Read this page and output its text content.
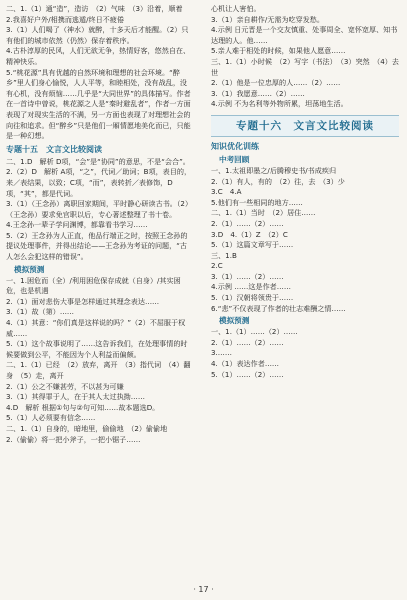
二、1.（1）通“造”，造访　（2）气味　（3）沿着，顺着

2.我喜好户外/相携而逃遁/终日不疲倦

3.（1）人们喝了（神水）就醉，十多天后才能醒。（2）只有他们的城市依然（仍然）保存着秩序。

4.古朴淳厚的民风，人们无欲无争，热情好客，悠然自在、精神快乐。

5.“桃花源”具有优越的自然环境和理想的社会环境。“醉乡”里人们身心愉悦，人人平等，和睦相处，没有战乱，没有心机，没有烦恼……几乎是“大同世界”的具体描写。作者在一首诗中曾说，桃花源之人是“秦时避乱者”，作者一方面表现了对现实生活的不满，另一方面也表现了对理想社会的向往和追求。但“醉乡”只是他们一厢情愿地美化而已，只能是一种幻想。

专题十五　文言文比较阅读

二、1.D　解析 D项，“会”是“协同”的意思，不是“会合”。

2.（2）D　解析 A项，“之”，代词／助词；B项，表目的，来／表结果，以致；C项，“而”，表转折／表修饰，D项，“其”，都是代词。

3.（1）（王念孙）离职回家期间，平时静心研读古书。（2）（王念孙）要求免官职以后，专心著述整理了书十卷。

4.王念孙一辈子学问渊博，都靠看书学习……

5.（2）王念孙为人正直，他品行端正之时，按照王念孙的提议处理事件，并得出结论——王念孙为考证的问题，“古人怎么会犯这样的错误”。

模拟预测

一、1.困危而（全）/利用困危保存成就（自身）/其实困危，也是机遇

2.（1）面对悲伤大事是怎样通过其理念表达……

3.（1）故（第）……

4.（1）其意：“你们真是这样说的吗？”（2）不屈服于权威……

5.（1）这个故事说明了……这告诉我们，在处理事情的时候要做到公平，不能因为个人利益而偏颇。

二、1.（1）已经　（2）放弃，离开　（3）指代词　（4）翻身　（5）走，离开

2.（1）公之不嫌甚劳，不以甚为可嫌

3.（1）其得罪于人，在于其人太过执拗……

4.D　解析 根据①句与②句可知……故本题选D。

5.（1）人必须要有信念……

二、1.（1）自身的，暗地里，偷偷地　（2）偷偷地

2.（偷偷）将一把小斧子，一把小锯子……

心机让人害怕。

3.（1）亲自耕作/无需为吃穿发愁。

4.示例 日元晋是一个交友慎重、处事周全、宽怀宽厚、知书达理的人。他……

5.亲人难于相处的时候，如果他人愿意……

三、1.（1）小时候　（2）写字（书法）　（3）突然　（4）去世

2.（1）他是一位忠厚的人……（2）……

3.（1）我愿意……（2）……

4.示例 不为名利等外物所累，坦荡地生活。

专题十六　文言文比较阅读
知识优化训练
中考回顾

一、1.太祖即墨之/后腾穆史书/书成疾归

2.（1）有人，有的　（2）往，去　（3）少

3.C　4.A

5.他们有一些相同的地方……

二、1.（1）当时　（2）居住……

2.（1）……（2）……

3.D　4.（1）Z　（2）C

5.（1）这篇文章写于……

三、1.B

2.C

3.（1）……（2）……

4.示例 ……这是作者……

5.（1）汉朝将领贵于……

6.“悲”不仅表现了作者的壮志难酬之情……

模拟预测

一、1.（1）……（2）……

2.（1）……（2）……

3.……

4.（1）表达作者……

5.（1）……（2）……

· 17 ·
